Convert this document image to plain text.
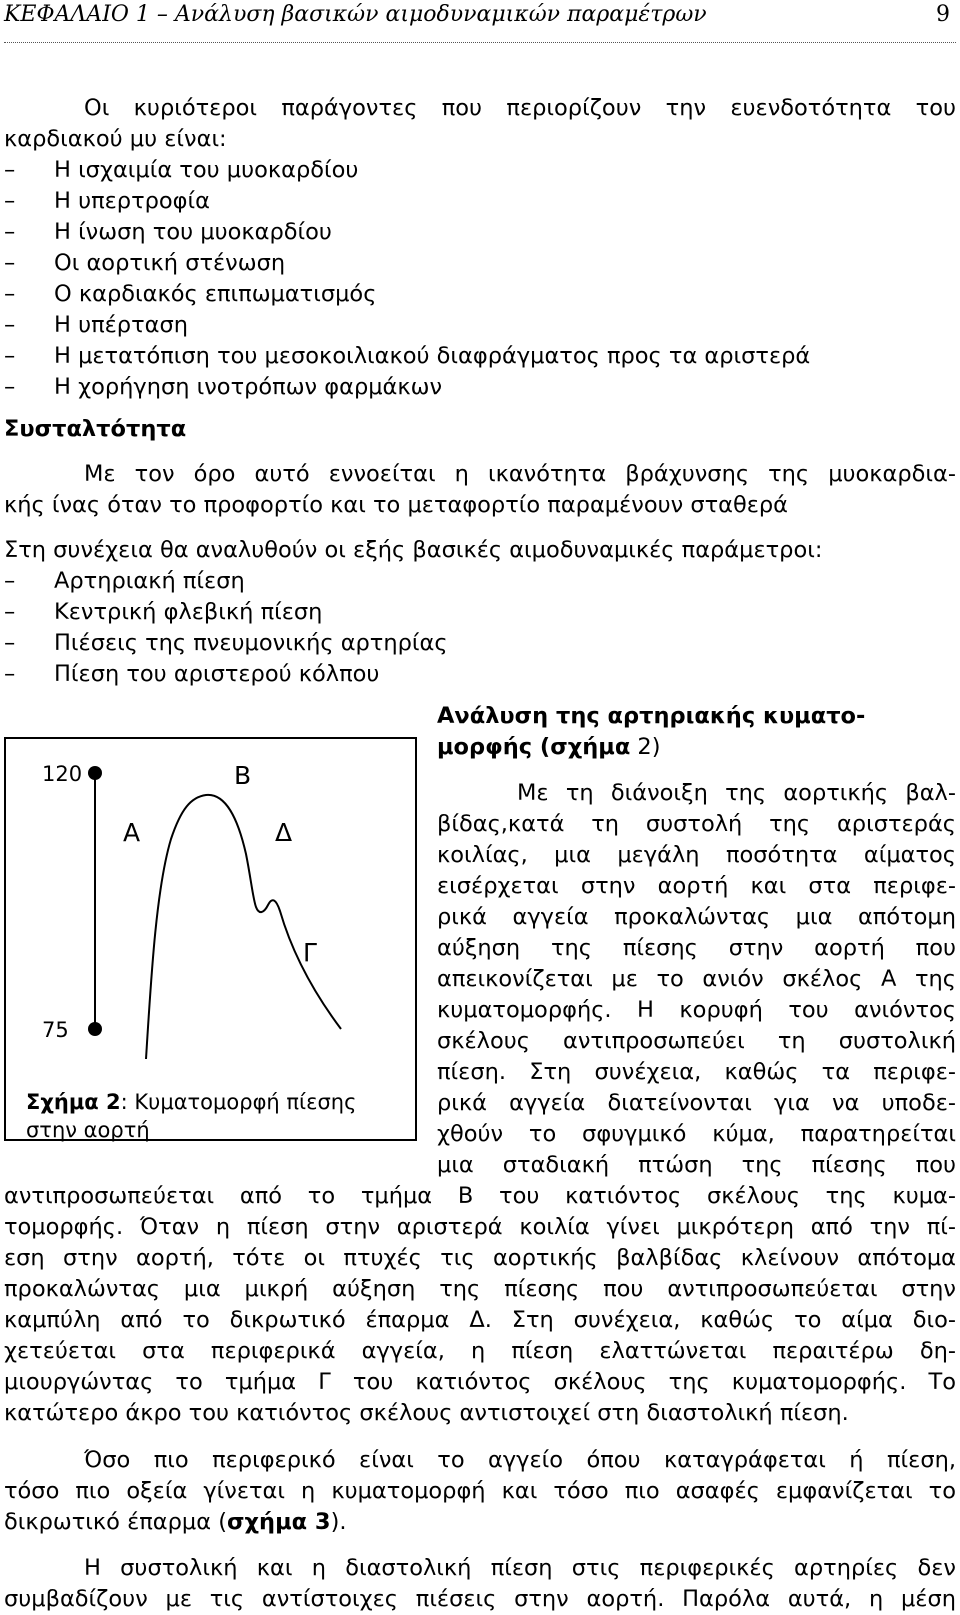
ΚΕΦΑΛΑΙΟ 1 – Ανάλυση βασικών αιμοδυναμικών παραμέτρων	9
Οι κυριότεροι παράγοντες που περιορίζουν την ευενδοτότητα του
καρδιακού μυ είναι:
– Η ισχαιμία του μυοκαρδίου
– Η υπερτροφία
– Η ίνωση του μυοκαρδίου
– Οι αορτική στένωση
– Ο καρδιακός επιπωματισμός
– Η υπέρταση
– Η μετατόπιση του μεσοκοιλιακού διαφράγματος προς τα αριστερά
– Η χορήγηση ινοτρόπων φαρμάκων
Συσταλτότητα
Με τον όρο αυτό εννοείται η ικανότητα βράχυνσης της μυοκαρδια-
κής ίνας όταν το προφορτίο και το μεταφορτίο παραμένουν σταθερά
Στη συνέχεια θα αναλυθούν οι εξής βασικές αιμοδυναμικές παράμετροι:
– Αρτηριακή πίεση
– Κεντρική φλεβική πίεση
– Πιέσεις της πνευμονικής αρτηρίας
– Πίεση του αριστερού κόλπου
Ανάλυση της αρτηριακής κυματο-
μορφής (σχήμα 2)
Με τη διάνοιξη της αορτικής βαλ-
βίδας,κατά τη συστολή της αριστεράς
κοιλίας, μια μεγάλη ποσότητα αίματος
εισέρχεται στην αορτή και στα περιφε-
ρικά αγγεία προκαλώντας μια απότομη
αύξηση της πίεσης στην αορτή που
απεικονίζεται με το ανιόν σκέλος Α της
κυματομορφής. Η κορυφή του ανιόντος
σκέλους αντιπροσωπεύει τη συστολική
πίεση. Στη συνέχεια, καθώς τα περιφε-
ρικά αγγεία διατείνονται για να υποδε-
χθούν το σφυγμικό κύμα, παρατηρείται
μια σταδιακή πτώση της πίεσης που
αντιπροσωπεύεται από το τμήμα Β του κατιόντος σκέλους της κυμα-
τομορφής. Όταν η πίεση στην αριστερά κοιλία γίνει μικρότερη από την πί-
εση στην αορτή, τότε οι πτυχές τις αορτικής βαλβίδας κλείνουν απότομα
προκαλώντας μια μικρή αύξηση της πίεσης που αντιπροσωπεύεται στην
καμπύλη από το δικρωτικό έπαρμα Δ. Στη συνέχεια, καθώς το αίμα διο-
χετεύεται στα περιφερικά αγγεία, η πίεση ελαττώνεται περαιτέρω δη-
μιουργώντας το τμήμα Γ του κατιόντος σκέλους της κυματομορφής. Το
κατώτερο άκρο του κατιόντος σκέλους αντιστοιχεί στη διαστολική πίεση.
Όσο πιο περιφερικό είναι το αγγείο όπου καταγράφεται ή πίεση,
τόσο πιο οξεία γίνεται η κυματομορφή και τόσο πιο ασαφές εμφανίζεται το
δικρωτικό έπαρμα (σχήμα 3).
Η συστολική και η διαστολική πίεση στις περιφερικές αρτηρίες δεν
συμβαδίζουν με τις αντίστοιχες πιέσεις στην αορτή. Παρόλα αυτά, η μέση
120
75
Α
Β
Δ
Γ
Σχήμα 2: Κυματομορφή πίεσης
στην αορτή
